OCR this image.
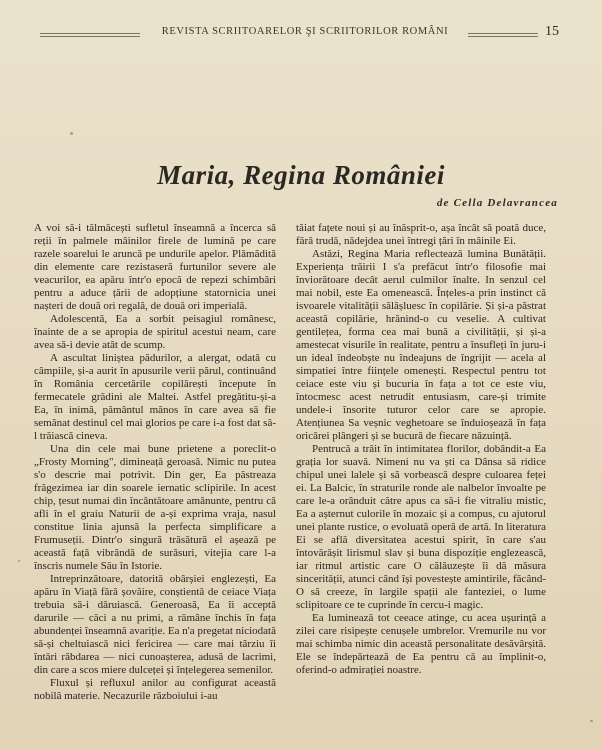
REVISTA SCRIITOARELOR ŞI SCRIITORILOR ROMÂNI	15
Maria, Regina României
de Cella Delavrancea

A voi să-i tălmăcești sufletul înseamnă a încerca să reții în palmele mâinilor firele de lumină pe care razele soarelui le aruncă pe undurile apelor. Plămădită din elemente care rezistaseră furtunilor severe ale veacurilor, ea apăru într'o epocă de repezi schimbări pentru a aduce țării de adopțiune statornicia unei nașteri de două ori regală, de două ori imperială.

Adolescentă, Ea a sorbit peisagiul românesc, înainte de a se apropia de spiritul acestui neam, care avea să-i devie atât de scump.

A ascultat liniștea pădurilor, a alergat, odată cu câmpiile, și-a aurit în apusurile verii părul, continuând în România cercetările copilărești începute în fermecatele grădini ale Maltei. Astfel pregătitu-și-a Ea, în inimă, pământul mănos în care avea să fie semănat destinul cel mai glorios pe care i-a fost dat să-l trăiască cineva.

Una din cele mai bune prietene a poreclit-o „Frosty Morning", dimineață geroasă. Nimic nu putea s'o descrie mai potrivit. Din ger, Ea păstreaza frăgezimea iar din soarele iernatic sclipirile. In acest chip, țesut numai din încântătoare amănunte, pentru că afli în el graiu Naturii de a-și exprima vraja, nasul constitue linia ajunsă la perfecta simplificare a Frumuseții. Dintr'o singură trăsătură el așează pe această față vibrândă de surâsuri, vitejia care l-a înscris numele Său în Istorie.

Intreprinzătoare, datorită obârșiei englezești, Ea apăru în Viață fără șovăire, conștientă de ceiace Viața trebuia să-i dăruiască. Generoasă, Ea îi acceptă darurile — căci a nu primi, a rămâne închis în fața abundenței înseamnă avariție. Ea n'a pregetat niciodată să-și cheltuiască nici fericirea — care mai târziu îi întări răbdarea — nici cunoașterea, adusă de lacrimi, din care a scos miere dulceței și înțelegerea semenilor.

Fluxul și refluxul anilor au configurat această nobilă materie. Necazurile războiului i-au

tăiat fațete noui și au înăsprit-o, așa încât să poată duce, fără trudă, nădejdea unei întregi țări în mâinile Ei.

Astăzi, Regina Maria reflectează lumina Bunătății. Experiența trăirii I s'a prefăcut într'o filosofie mai înviorătoare decât aerul culmilor înalte. In senzul cel mai nobil, este Ea omenească. Înțeles-a prin instinct că isvoarele vitalității sălășluesc în copilărie. Și și-a păstrat această copilărie, hrănind-o cu veselie. A cultivat gentilețea, forma cea mai bună a civilității, și și-a amestecat visurile în realitate, pentru a însufleți în juru-i un ideal îndeobște nu îndeajuns de îngrijit — acela al simpatiei între ființele omenești. Respectul pentru tot ceiace este viu și bucuria în fața a tot ce este viu, întocmesc acest netrudit entusiasm, care-și trimite undele-i însorite tuturor celor care se apropie. Atențiunea Sa veșnic veghetoare se înduioșează în fața oricărei plângeri și se bucură de fiecare năzuință.

Pentrucă a trăit în intimitatea florilor, dobândit-a Ea grația lor suavă. Nimeni nu va ști ca Dânsa să ridice chipul unei lalele și să vorbească despre culoarea feței ei. La Balcic, în straturile ronde ale nalbelor învoalte pe care le-a orânduit către apus ca să-i fie vitraliu mistic, Ea a așternut culorile în mozaic și a compus, cu ajutorul unei plante rustice, o evoluată operă de artă. In literatura Ei se află diversitatea acestui spirit, în care s'au întovărășit lirismul slav și buna dispoziție englezească, iar ritmul artistic care O călăuzește îi dă măsura sincerității, atunci când își povestește amintirile, făcând-O să creeze, în largile spații ale fanteziei, o lume sclipitoare ce te cuprinde în cercu-i magic.

Ea luminează tot ceeace atinge, cu acea ușurință a zilei care risipește cenușele umbrelor. Vremurile nu vor mai schimba nimic din această personalitate desăvârșită. Ele se îndepărtează de Ea pentru că au împlinit-o, oferind-o admirației noastre.
